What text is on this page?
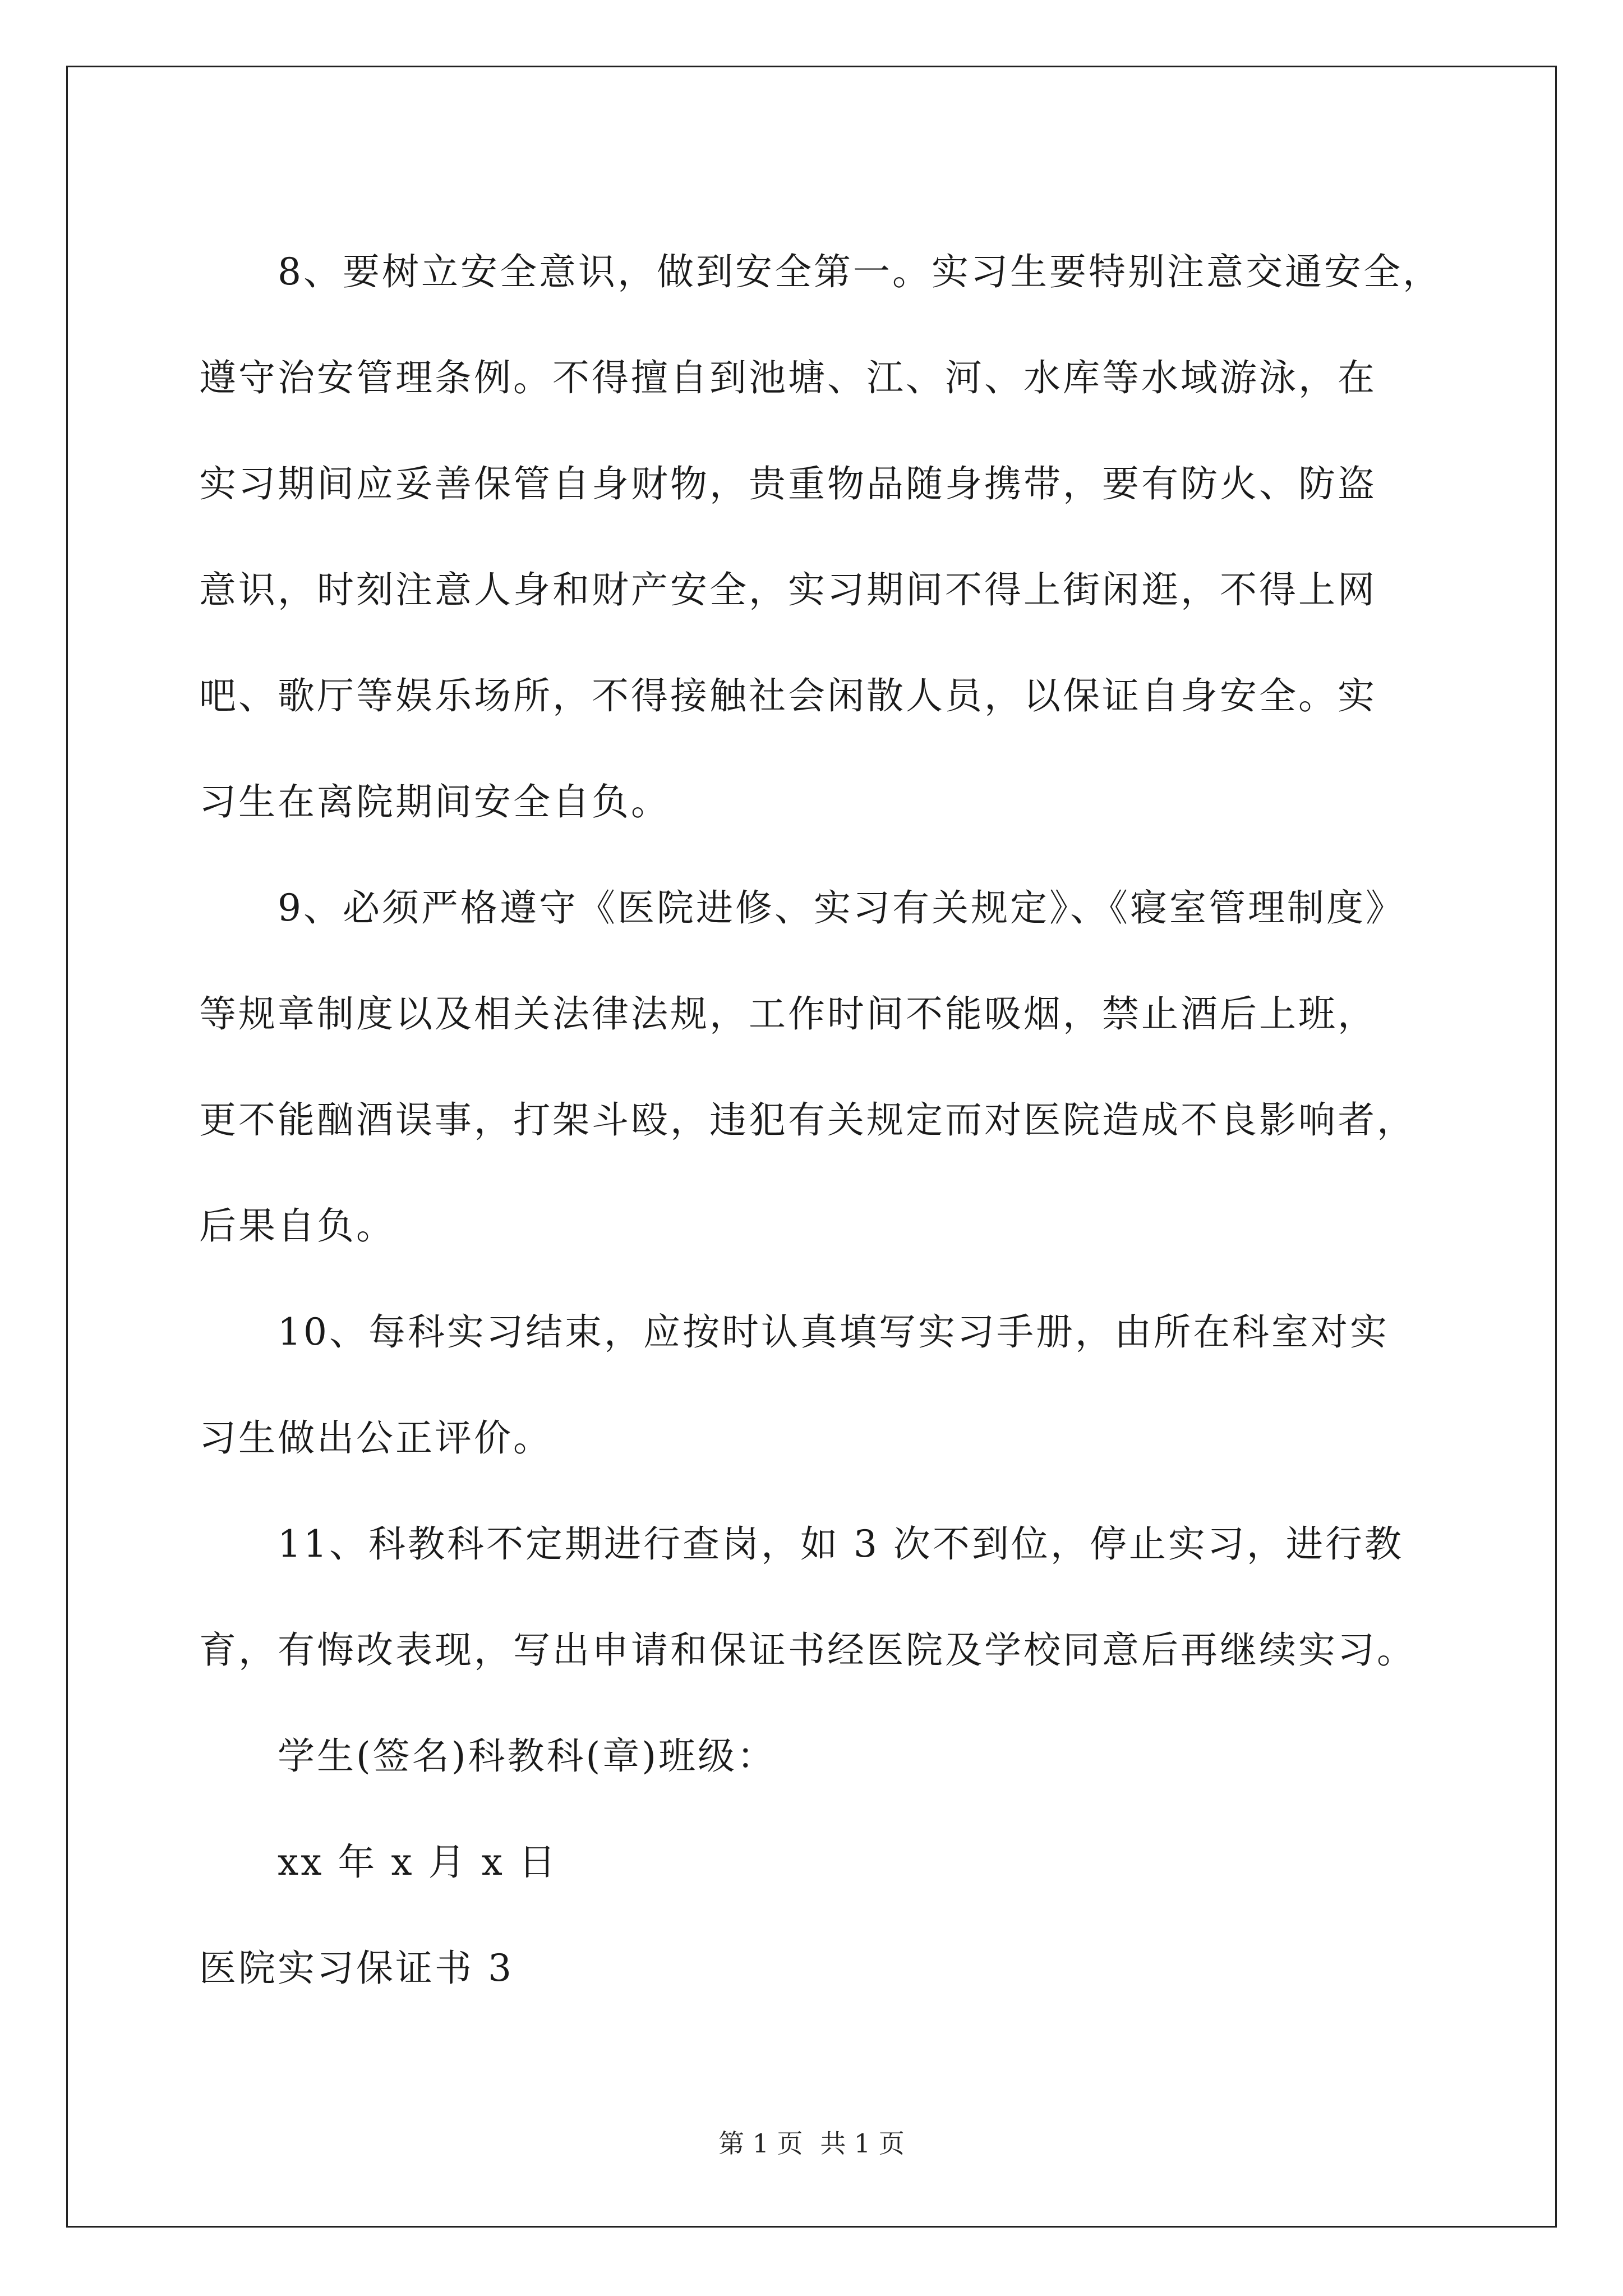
8、要树立安全意识，做到安全第一。实习生要特别注意交通安全，
遵守治安管理条例。不得擅自到池塘、江、河、水库等水域游泳，在
实习期间应妥善保管自身财物，贵重物品随身携带，要有防火、防盗
意识，时刻注意人身和财产安全，实习期间不得上街闲逛，不得上网
吧、歌厅等娱乐场所，不得接触社会闲散人员，以保证自身安全。实
习生在离院期间安全自负。

9、必须严格遵守《医院进修、实习有关规定》、《寝室管理制度》
等规章制度以及相关法律法规，工作时间不能吸烟，禁止酒后上班，
更不能酗酒误事，打架斗殴，违犯有关规定而对医院造成不良影响者，
后果自负。

10、每科实习结束，应按时认真填写实习手册，由所在科室对实
习生做出公正评价。

11、科教科不定期进行查岗，如 3 次不到位，停止实习，进行教
育，有悔改表现，写出申请和保证书经医院及学校同意后再继续实习。

学生(签名)科教科(章)班级：

xx 年 x 月 x 日

医院实习保证书 3

第 1 页 共 1 页
